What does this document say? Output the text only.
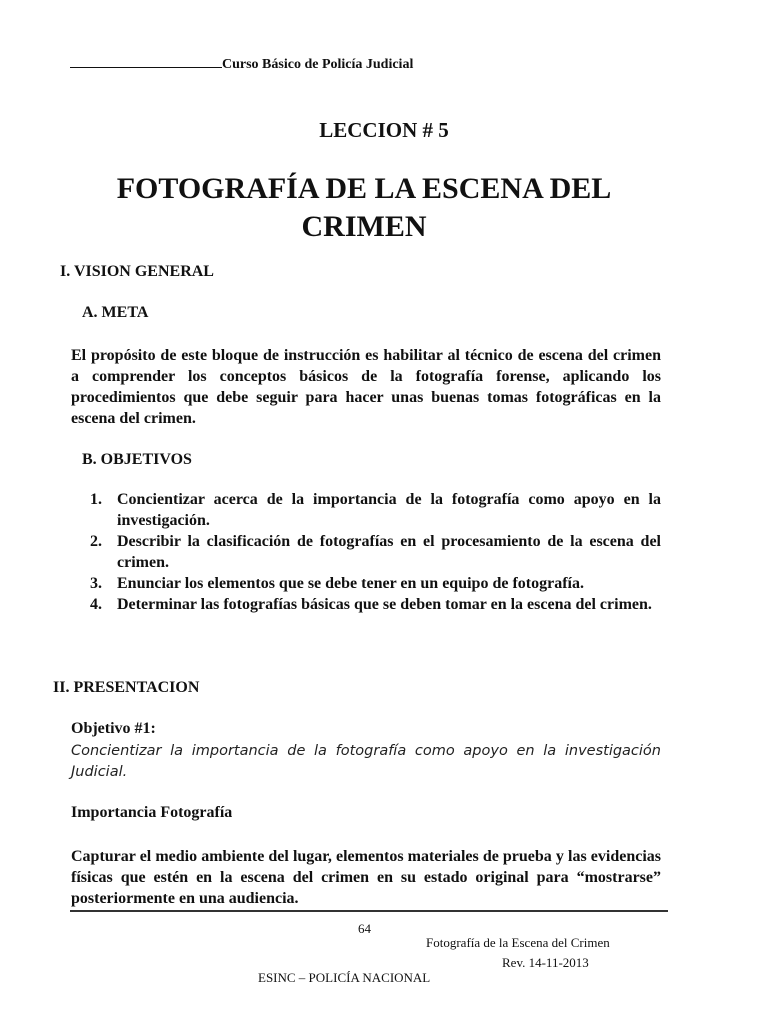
Curso Básico de Policía Judicial
LECCION # 5
FOTOGRAFÍA DE LA ESCENA DEL
CRIMEN
I. VISION GENERAL
A. META

El propósito de este bloque de instrucción es habilitar al técnico de escena del crimen a comprender los conceptos básicos de la fotografía forense, aplicando los procedimientos que debe seguir para hacer unas buenas tomas fotográficas en la escena del crimen.

B. OBJETIVOS
1. Concientizar acerca de la importancia de la fotografía como apoyo en la investigación.
2. Describir la clasificación de fotografías en el procesamiento de la escena del crimen.
3. Enunciar los elementos que se debe tener en un equipo de fotografía.
4. Determinar las fotografías básicas que se deben tomar en la escena del crimen.
II. PRESENTACION
Objetivo #1:

Concientizar la importancia de la fotografía como apoyo en la investigación Judicial.

Importancia Fotografía

Capturar el medio ambiente del lugar, elementos materiales de prueba y las evidencias físicas que estén en la escena del crimen en su estado original para “mostrarse” posteriormente en una audiencia.

64
Fotografía de la Escena del Crimen
Rev. 14-11-2013
ESINC – POLICÍA NACIONAL
